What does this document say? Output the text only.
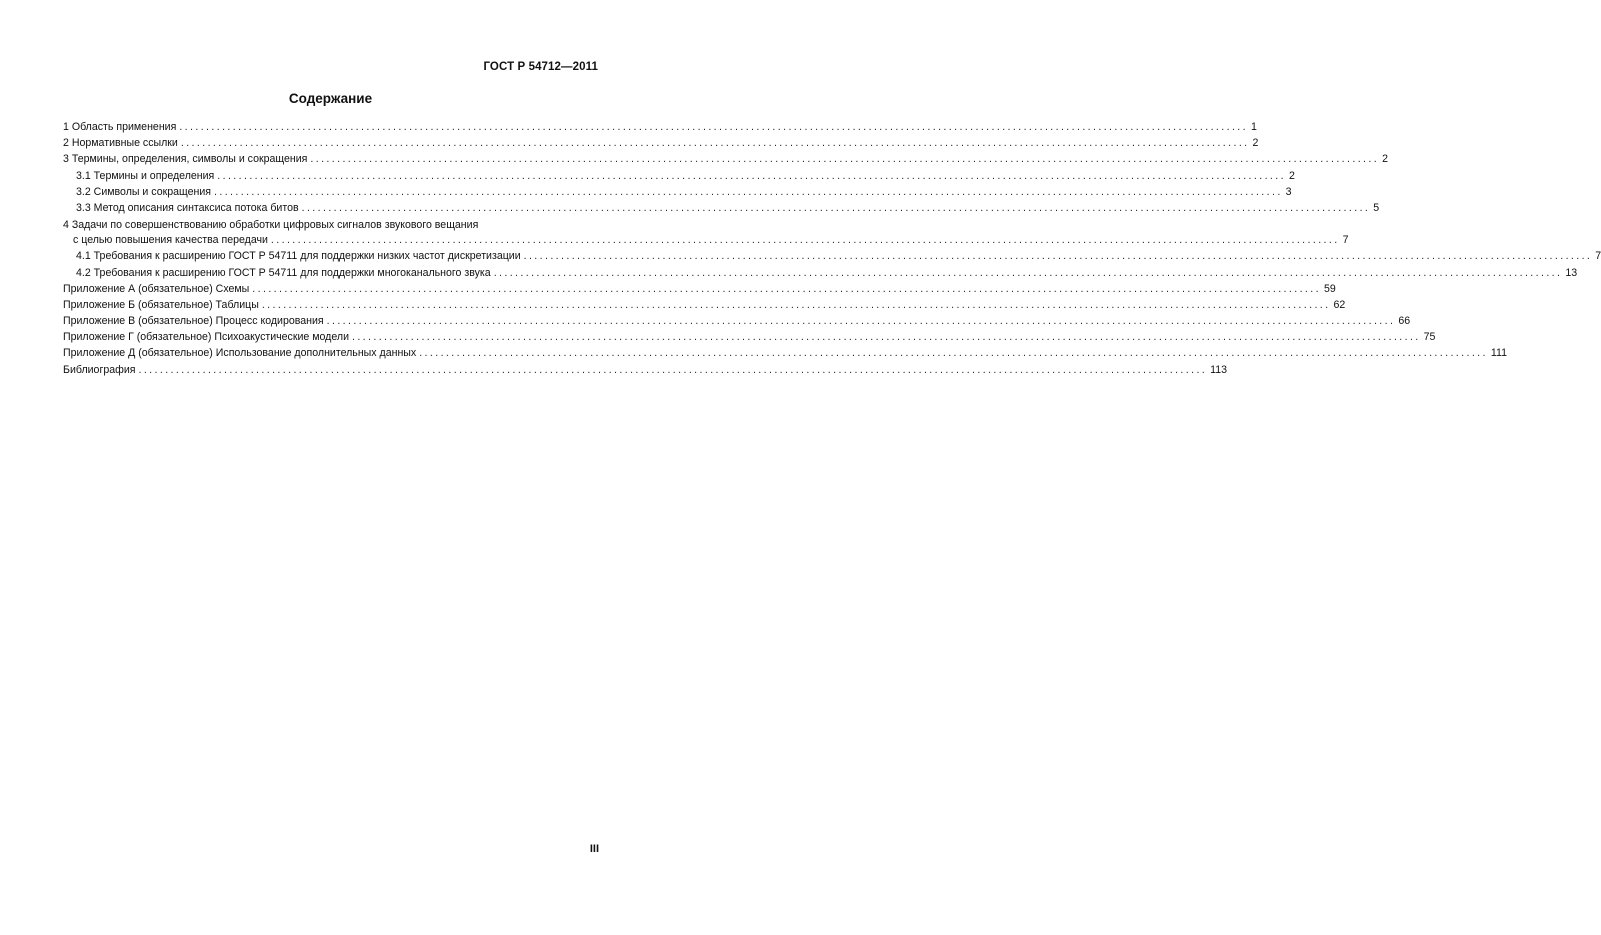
ГОСТ Р 54712—2011
Содержание
1 Область применения ........................................................................................................................................................................................................ 1
2 Нормативные ссылки ........................................................................................................................................................................................................ 2
3 Термины, определения, символы и сокращения ........................................................................................................................................................................................................ 2
3.1 Термины и определения ........................................................................................................................................................................................................ 2
3.2 Символы и сокращения ........................................................................................................................................................................................................ 3
3.3 Метод описания синтаксиса потока битов ........................................................................................................................................................................................................ 5
4 Задачи по совершенствованию обработки цифровых сигналов звукового вещания
с целью повышения качества передачи ........................................................................................................................................................................................................ 7
4.1 Требования к расширению ГОСТ Р 54711 для поддержки низких частот дискретизации ........................................................................................................................................................................................................ 7
4.2 Требования к расширению ГОСТ Р 54711 для поддержки многоканального звука ........................................................................................................................................................................................................ 13
Приложение А (обязательное) Схемы ........................................................................................................................................................................................................ 59
Приложение Б (обязательное) Таблицы ........................................................................................................................................................................................................ 62
Приложение В (обязательное) Процесс кодирования ........................................................................................................................................................................................................ 66
Приложение Г (обязательное) Психоакустические модели ........................................................................................................................................................................................................ 75
Приложение Д (обязательное) Использование дополнительных данных ........................................................................................................................................................................................................ 111
Библиография ........................................................................................................................................................................................................ 113
III
